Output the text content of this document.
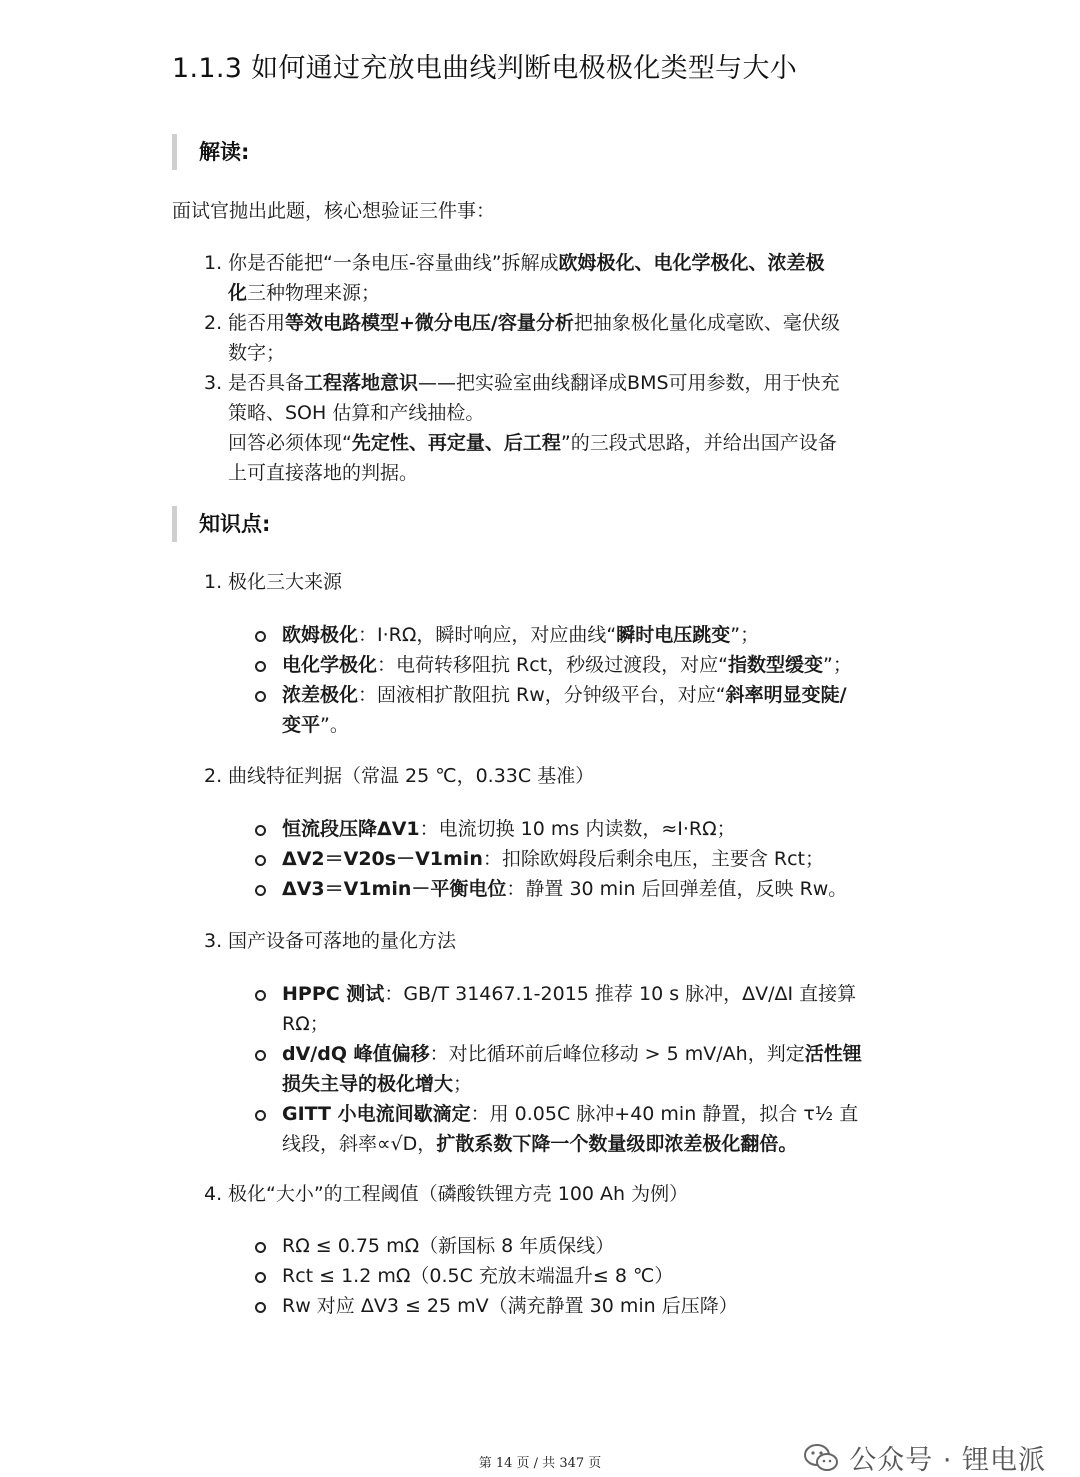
1.1.3 如何通过充放电曲线判断电极极化类型与大小
解读:

面试官抛出此题，核心想验证三件事：

1. 你是否能把“一条电压-容量曲线”拆解成欧姆极化、电化学极化、浓差极
化三种物理来源；
2. 能否用等效电路模型+微分电压/容量分析把抽象极化量化成毫欧、毫伏级
数字；
3. 是否具备工程落地意识——把实验室曲线翻译成BMS可用参数，用于快充
策略、SOH 估算和产线抽检。
回答必须体现“先定性、再定量、后工程”的三段式思路，并给出国产设备
上可直接落地的判据。
知识点:
1. 极化三大来源
欧姆极化：I·RΩ，瞬时响应，对应曲线“瞬时电压跳变”；
电化学极化：电荷转移阻抗 Rct，秒级过渡段，对应“指数型缓变”；
浓差极化：固液相扩散阻抗 Rw，分钟级平台，对应“斜率明显变陡/
变平”。
2. 曲线特征判据（常温 25 ℃，0.33C 基准）
恒流段压降ΔV1：电流切换 10 ms 内读数，≈I·RΩ；
ΔV2＝V20s－V1min：扣除欧姆段后剩余电压，主要含 Rct；
ΔV3＝V1min－平衡电位：静置 30 min 后回弹差值，反映 Rw。
3. 国产设备可落地的量化方法
HPPC 测试：GB/T 31467.1-2015 推荐 10 s 脉冲，ΔV/ΔI 直接算
RΩ；
dV/dQ 峰值偏移：对比循环前后峰位移动 > 5 mV/Ah，判定活性锂
损失主导的极化增大；
GITT 小电流间歇滴定：用 0.05C 脉冲+40 min 静置，拟合 τ½ 直
线段，斜率∝√D，扩散系数下降一个数量级即浓差极化翻倍。
4. 极化“大小”的工程阈值（磷酸铁锂方壳 100 Ah 为例）
RΩ ≤ 0.75 mΩ（新国标 8 年质保线）
Rct ≤ 1.2 mΩ（0.5C 充放末端温升≤ 8 ℃）
Rw 对应 ΔV3 ≤ 25 mV（满充静置 30 min 后压降）
第 14 页 / 共 347 页	公众号 · 锂电派
